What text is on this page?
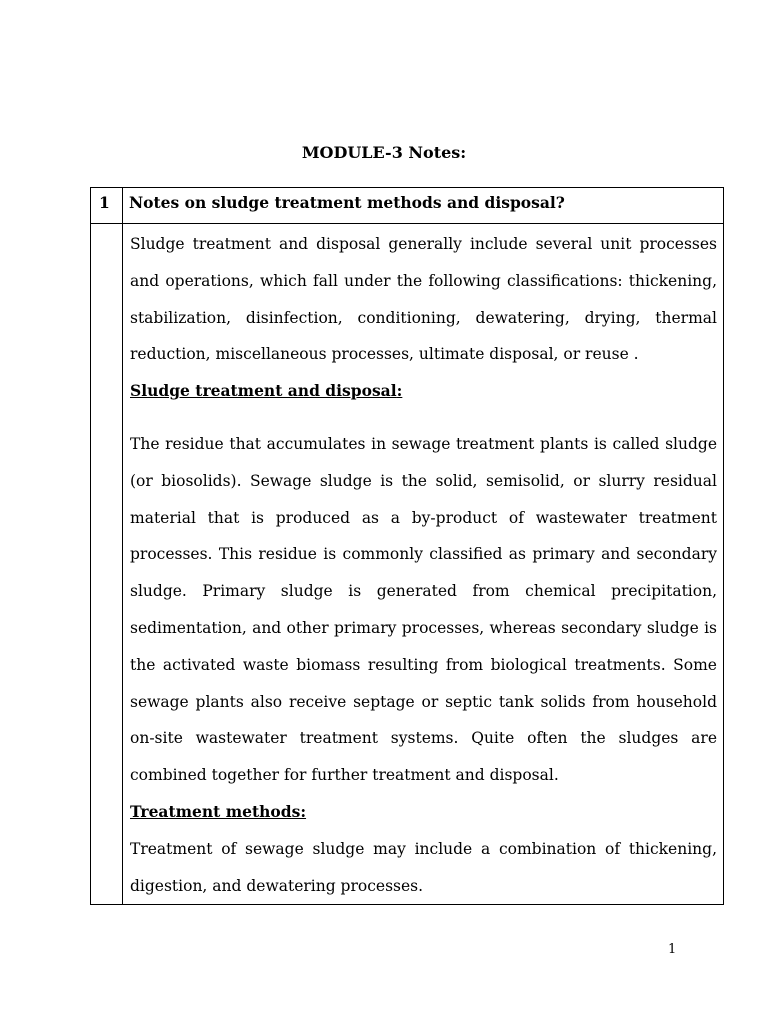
MODULE-3 Notes:
1	Notes on sludge treatment methods and disposal?

	Sludge treatment and disposal generally include several unit processes and operations, which fall under the following classifications: thickening, stabilization, disinfection, conditioning, dewatering, drying, thermal reduction, miscellaneous processes, ultimate disposal, or reuse .

Sludge treatment and disposal:

The residue that accumulates in sewage treatment plants is called sludge (or biosolids). Sewage sludge is the solid, semisolid, or slurry residual material that is produced as a by-product of wastewater treatment processes. This residue is commonly classified as primary and secondary sludge. Primary sludge is generated from chemical precipitation, sedimentation, and other primary processes, whereas secondary sludge is the activated waste biomass resulting from biological treatments. Some sewage plants also receive septage or septic tank solids from household on-site wastewater treatment systems. Quite often the sludges are combined together for further treatment and disposal.

Treatment methods:

Treatment of sewage sludge may include a combination of thickening, digestion, and dewatering processes.

1
